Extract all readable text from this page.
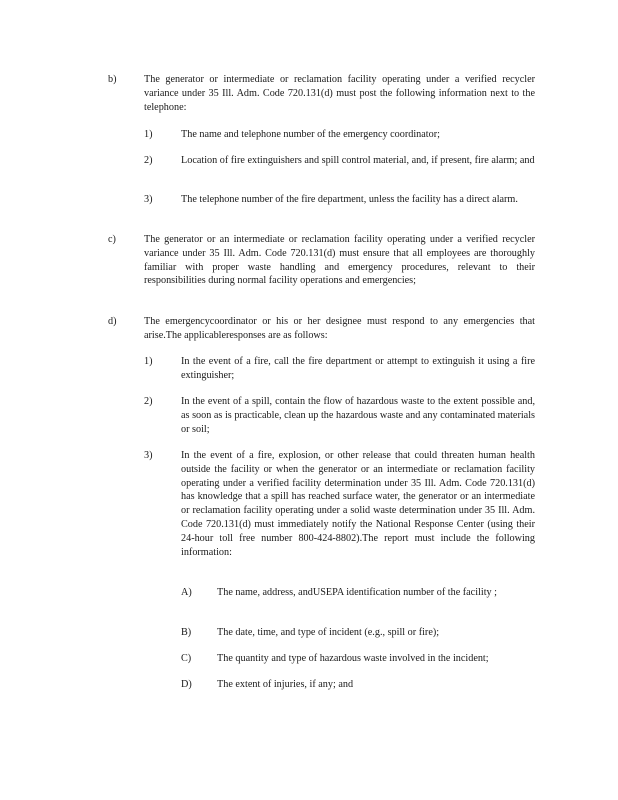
b)	The generator or intermediate or reclamation facility operating under a verified recycler variance under 35 Ill. Adm. Code 720.131(d) must post the following information next to the telephone:

1)	The name and telephone number of the emergency coordinator;

2)	Location of fire extinguishers and spill control material, and, if present, fire alarm; and

3)	The telephone number of the fire department, unless the facility has a direct alarm.

c)	The generator or an intermediate or reclamation facility operating under a verified recycler variance under 35 Ill. Adm. Code 720.131(d) must ensure that all employees are thoroughly familiar with proper waste handling and emergency procedures, relevant to their responsibilities during normal facility operations and emergencies;

d)	The emergencycoordinator or his or her designee must respond to any emergencies that arise.The applicableresponses are as follows:

1)	In the event of a fire, call the fire department or attempt to extinguish it using a fire extinguisher;

2)	In the event of a spill, contain the flow of hazardous waste to the extent possible and, as soon as is practicable, clean up the hazardous waste and any contaminated materials or soil;

3)	In the event of a fire, explosion, or other release that could threaten human health outside the facility or when the generator or an intermediate or reclamation facility operating under a verified facility determination under 35 Ill. Adm. Code 720.131(d) has knowledge that a spill has reached surface water, the generator or an intermediate or reclamation facility operating under a solid waste determination under 35 Ill. Adm. Code 720.131(d) must immediately notify the National Response Center (using their 24-hour toll free number 800-424-8802).The report must include the following information:

A) The name, address, andUSEPA identification number of the facility ;

B)	The date, time, and type of incident (e.g., spill or fire);

C)	The quantity and type of hazardous waste involved in the incident;

D) The extent of injuries, if any; and
